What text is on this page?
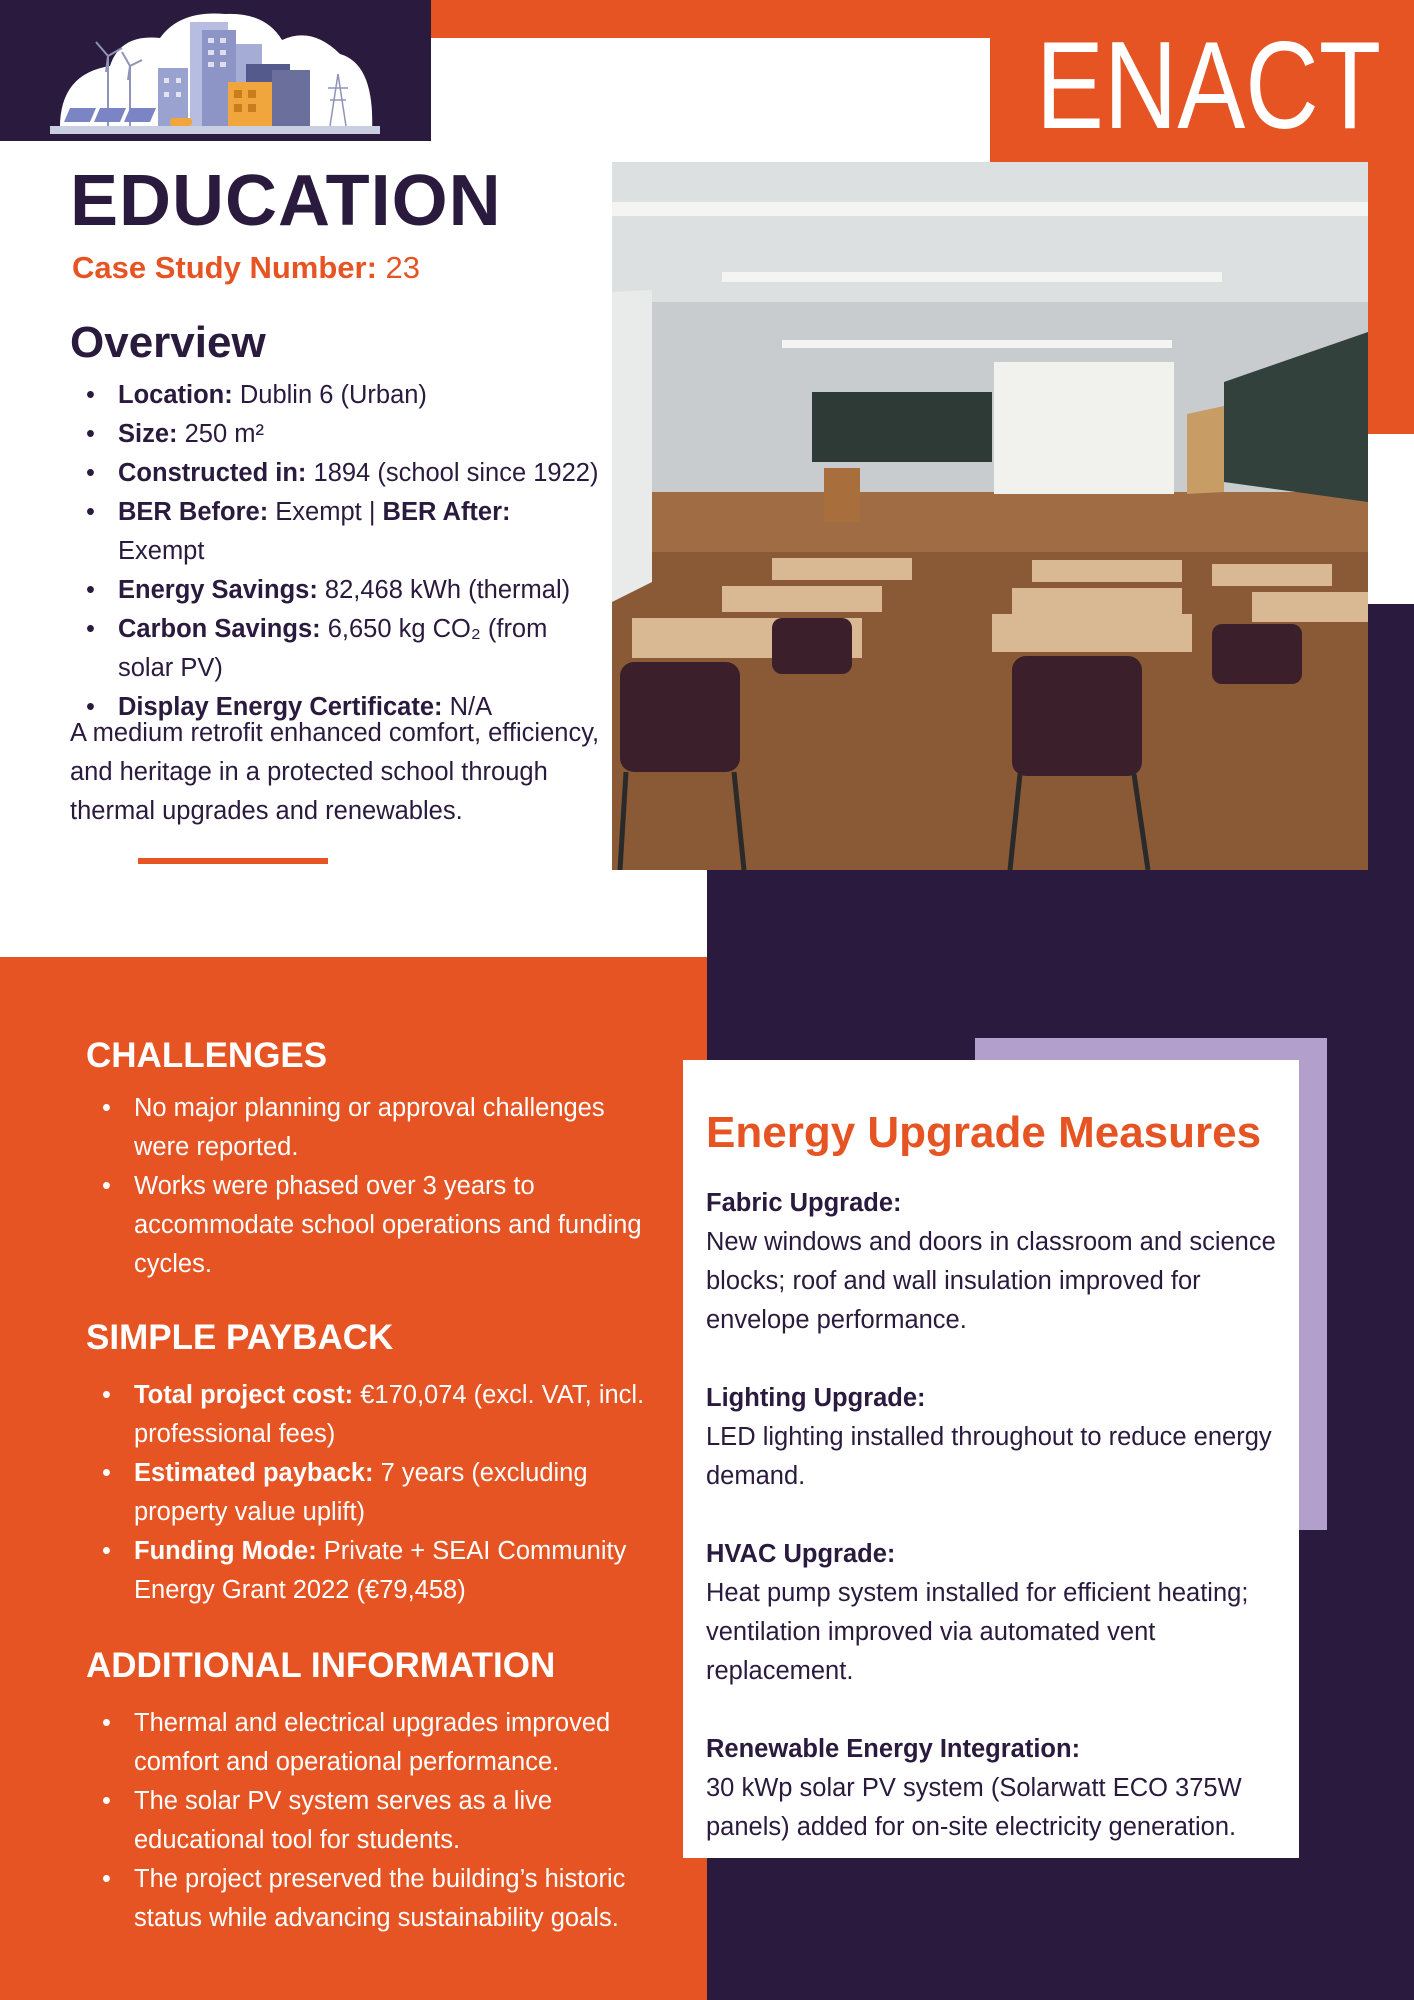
ENACT
EDUCATION
Case Study Number: 23
Overview
• Location: Dublin 6 (Urban)
• Size: 250 m²
• Constructed in: 1894 (school since 1922)
• BER Before: Exempt | BER After: Exempt
• Energy Savings: 82,468 kWh (thermal)
• Carbon Savings: 6,650 kg CO₂ (from solar PV)
• Display Energy Certificate: N/A

A medium retrofit enhanced comfort, efficiency, and heritage in a protected school through thermal upgrades and renewables.

CHALLENGES
• No major planning or approval challenges were reported.
• Works were phased over 3 years to accommodate school operations and funding cycles.
SIMPLE PAYBACK
• Total project cost: €170,074 (excl. VAT, incl. professional fees)
• Estimated payback: 7 years (excluding property value uplift)
• Funding Mode: Private + SEAI Community Energy Grant 2022 (€79,458)
ADDITIONAL INFORMATION
• Thermal and electrical upgrades improved comfort and operational performance.
• The solar PV system serves as a live educational tool for students.
• The project preserved the building’s historic status while advancing sustainability goals.
Energy Upgrade Measures
Fabric Upgrade:
New windows and doors in classroom and science blocks; roof and wall insulation improved for envelope performance.
Lighting Upgrade:
LED lighting installed throughout to reduce energy demand.
HVAC Upgrade:
Heat pump system installed for efficient heating; ventilation improved via automated vent replacement.
Renewable Energy Integration:
30 kWp solar PV system (Solarwatt ECO 375W panels) added for on-site electricity generation.
